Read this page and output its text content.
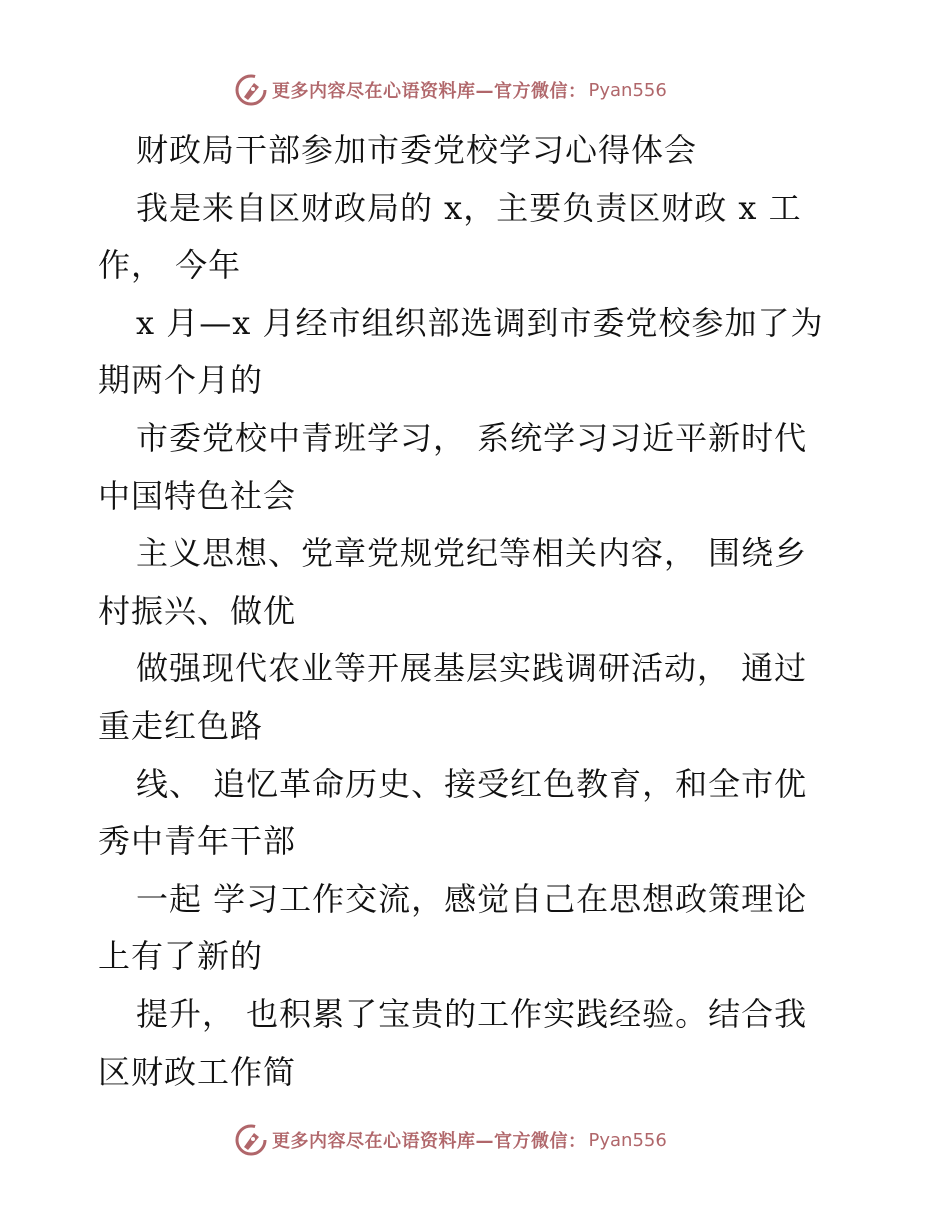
更多内容尽在心语资料库—官方微信： Pyan556
财政局干部参加市委党校学习心得体会
我是来自区财政局的 x，主要负责区财政 x 工
作， 今年
x 月—x 月经市组织部选调到市委党校参加了为
期两个月的
市委党校中青班学习， 系统学习习近平新时代
中国特色社会
主义思想、党章党规党纪等相关内容， 围绕乡
村振兴、做优
做强现代农业等开展基层实践调研活动， 通过
重走红色路
线、 追忆革命历史、接受红色教育，和全市优
秀中青年干部
一起 学习工作交流，感觉自己在思想政策理论
上有了新的
提升， 也积累了宝贵的工作实践经验。结合我
区财政工作简
更多内容尽在心语资料库—官方微信： Pyan556
